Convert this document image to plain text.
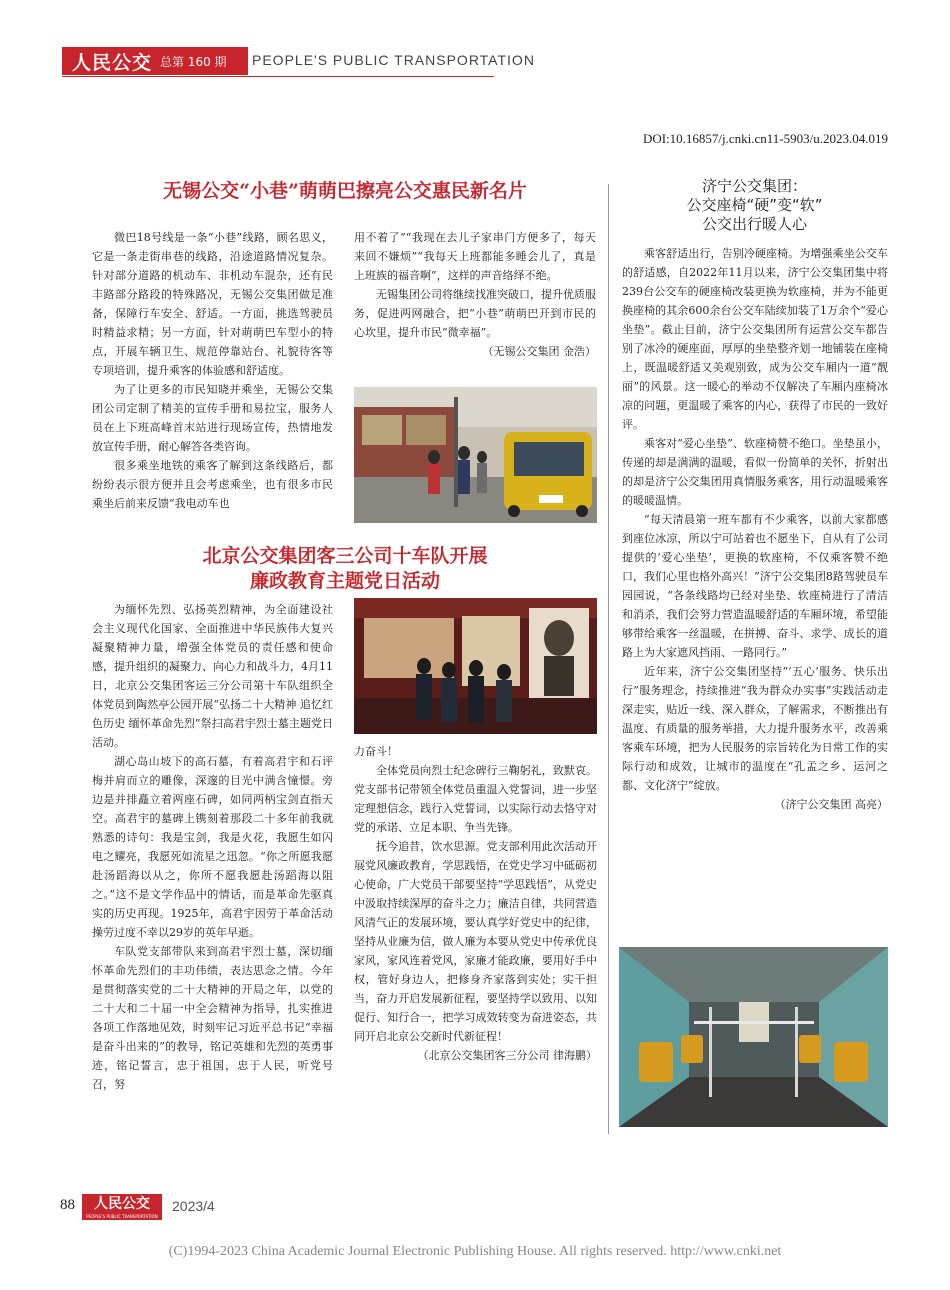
人民公交 总第 160 期 PEOPLE'S PUBLIC TRANSPORTATION
DOI:10.16857/j.cnki.cn11-5903/u.2023.04.019
无锡公交“小巷”萌萌巴擦亮公交惠民新名片

微巴18号线是一条“小巷”线路，顾名思义，它是一条走街串巷的线路，沿途道路情况复杂。针对部分道路的机动车、非机动车混杂，还有民丰路部分路段的特殊路况，无锡公交集团做足准备，保障行车安全、舒适。一方面，挑选驾驶员时精益求精；另一方面，针对萌萌巴车型小的特点，开展车辆卫生、规范停靠站台、礼貌待客等专项培训，提升乘客的体验感和舒适度。

为了让更多的市民知晓并乘坐，无锡公交集团公司定制了精美的宣传手册和易拉宝，服务人员在上下班高峰首末站进行现场宣传，热情地发放宣传手册，耐心解答各类咨询。

很多乘坐地铁的乘客了解到这条线路后，都纷纷表示很方便并且会考虑乘坐，也有很多市民乘坐后前来反馈“我电动车也

用不着了”“我现在去儿子家串门方便多了，每天来回不嫌烦”“我每天上班都能多睡会儿了，真是上班族的福音啊”，这样的声音络绎不绝。

无锡集团公司将继续找准突破口，提升优质服务，促进两网融合，把“小巷”萌萌巴开到市民的心坎里，提升市民“微幸福”。

（无锡公交集团 金浩）

北京公交集团客三公司十车队开展
廉政教育主题党日活动

为缅怀先烈、弘扬英烈精神，为全面建设社会主义现代化国家、全面推进中华民族伟大复兴凝聚精神力量，增强全体党员的责任感和使命感，提升组织的凝聚力、向心力和战斗力，4月11日，北京公交集团客运三分公司第十车队组织全体党员到陶然亭公园开展“弘扬二十大精神 追忆红色历史 缅怀革命先烈”祭扫高君宇烈士墓主题党日活动。

湖心岛山坡下的高石墓，有着高君宇和石评梅并肩而立的雕像，深邃的目光中满含憧憬。旁边是并排矗立着两座石碑，如同两柄宝剑直指天空。高君宇的墓碑上镌刻着那段二十多年前我就熟悉的诗句：我是宝剑，我是火花，我愿生如闪电之耀亮，我愿死如流星之迅忽。“你之所愿我愿赴汤蹈海以从之，你所不愿我愿赴汤蹈海以阻之。”这不是文学作品中的情话，而是革命先驱真实的历史再现。1925年，高君宇因劳于革命活动操劳过度不幸以29岁的英年早逝。

车队党支部带队来到高君宇烈士墓，深切缅怀革命先烈们的丰功伟绩，表达思念之情。今年是贯彻落实党的二十大精神的开局之年，以党的二十大和二十届一中全会精神为指导，扎实推进各项工作落地见效，时刻牢记习近平总书记“幸福是奋斗出来的”的教导，铭记英雄和先烈的英勇事迹，铭记誓言，忠于祖国，忠于人民，听党号召，努

力奋斗！

全体党员向烈士纪念碑行三鞠躬礼，致默哀。党支部书记带领全体党员重温入党誓词，进一步坚定理想信念，践行入党誓词，以实际行动去恪守对党的承诺、立足本职、争当先锋。

抚今追昔，饮水思源。党支部利用此次活动开展党风廉政教育，学思践悟，在党史学习中砥砺初心使命，广大党员干部要坚持“学思践悟”，从党史中汲取持续深厚的奋斗之力；廉洁自律，共同营造风清气正的发展环境，要认真学好党史中的纪律，坚持从业廉为信，做人廉为本要从党史中传承优良家风，家风连着党风，家廉才能政廉，要用好手中权，管好身边人，把修身齐家落到实处；实干担当，奋力开启发展新征程，要坚持学以致用、以知促行、知行合一，把学习成效转变为奋进姿态，共同开启北京公交新时代新征程！

（北京公交集团客三分公司 律海鹏）

济宁公交集团：
公交座椅“硬”变“软”
公交出行暖人心

乘客舒适出行，告别冷硬座椅。为增强乘坐公交车的舒适感，自2022年11月以来，济宁公交集团集中将239台公交车的硬座椅改装更换为软座椅，并为不能更换座椅的其余600余台公交车陆续加装了1万余个“爱心坐垫”。截止目前，济宁公交集团所有运营公交车都告别了冰冷的硬座面，厚厚的坐垫整齐划一地铺装在座椅上，既温暖舒适又美观别致，成为公交车厢内一道“靓丽”的风景。这一暖心的举动不仅解决了车厢内座椅冰凉的问题，更温暖了乘客的内心，获得了市民的一致好评。

乘客对“爱心坐垫”、软座椅赞不绝口。坐垫虽小，传递的却是满满的温暖，看似一份简单的关怀，折射出的却是济宁公交集团用真情服务乘客，用行动温暖乘客的暖暖温情。

“每天清晨第一班车都有不少乘客，以前大家都感到座位冰凉，所以宁可站着也不愿坐下，自从有了公司提供的‘爱心坐垫’，更换的软座椅，不仅乘客赞不绝口，我们心里也格外高兴！”济宁公交集团8路驾驶员车园园说，“各条线路均已经对坐垫、软座椅进行了清洁和消杀，我们会努力营造温暖舒适的车厢环境，希望能够带给乘客一丝温暖，在拼搏、奋斗、求学、成长的道路上为大家遮风挡雨、一路同行。”

近年来，济宁公交集团坚持“‘五心’服务、快乐出行”服务理念，持续推进“我为群众办实事”实践活动走深走实，贴近一线、深入群众，了解需求，不断推出有温度、有质量的服务举措，大力提升服务水平，改善乘客乘车环境，把为人民服务的宗旨转化为日常工作的实际行动和成效，让城市的温度在“孔孟之乡、运河之都、文化济宁”绽放。

（济宁公交集团 高亮）

88	人民公交
PEOPLE'S PUBLIC TRANSPORTATION
2023/4
(C)1994-2023 China Academic Journal Electronic Publishing House. All rights reserved. http://www.cnki.net
